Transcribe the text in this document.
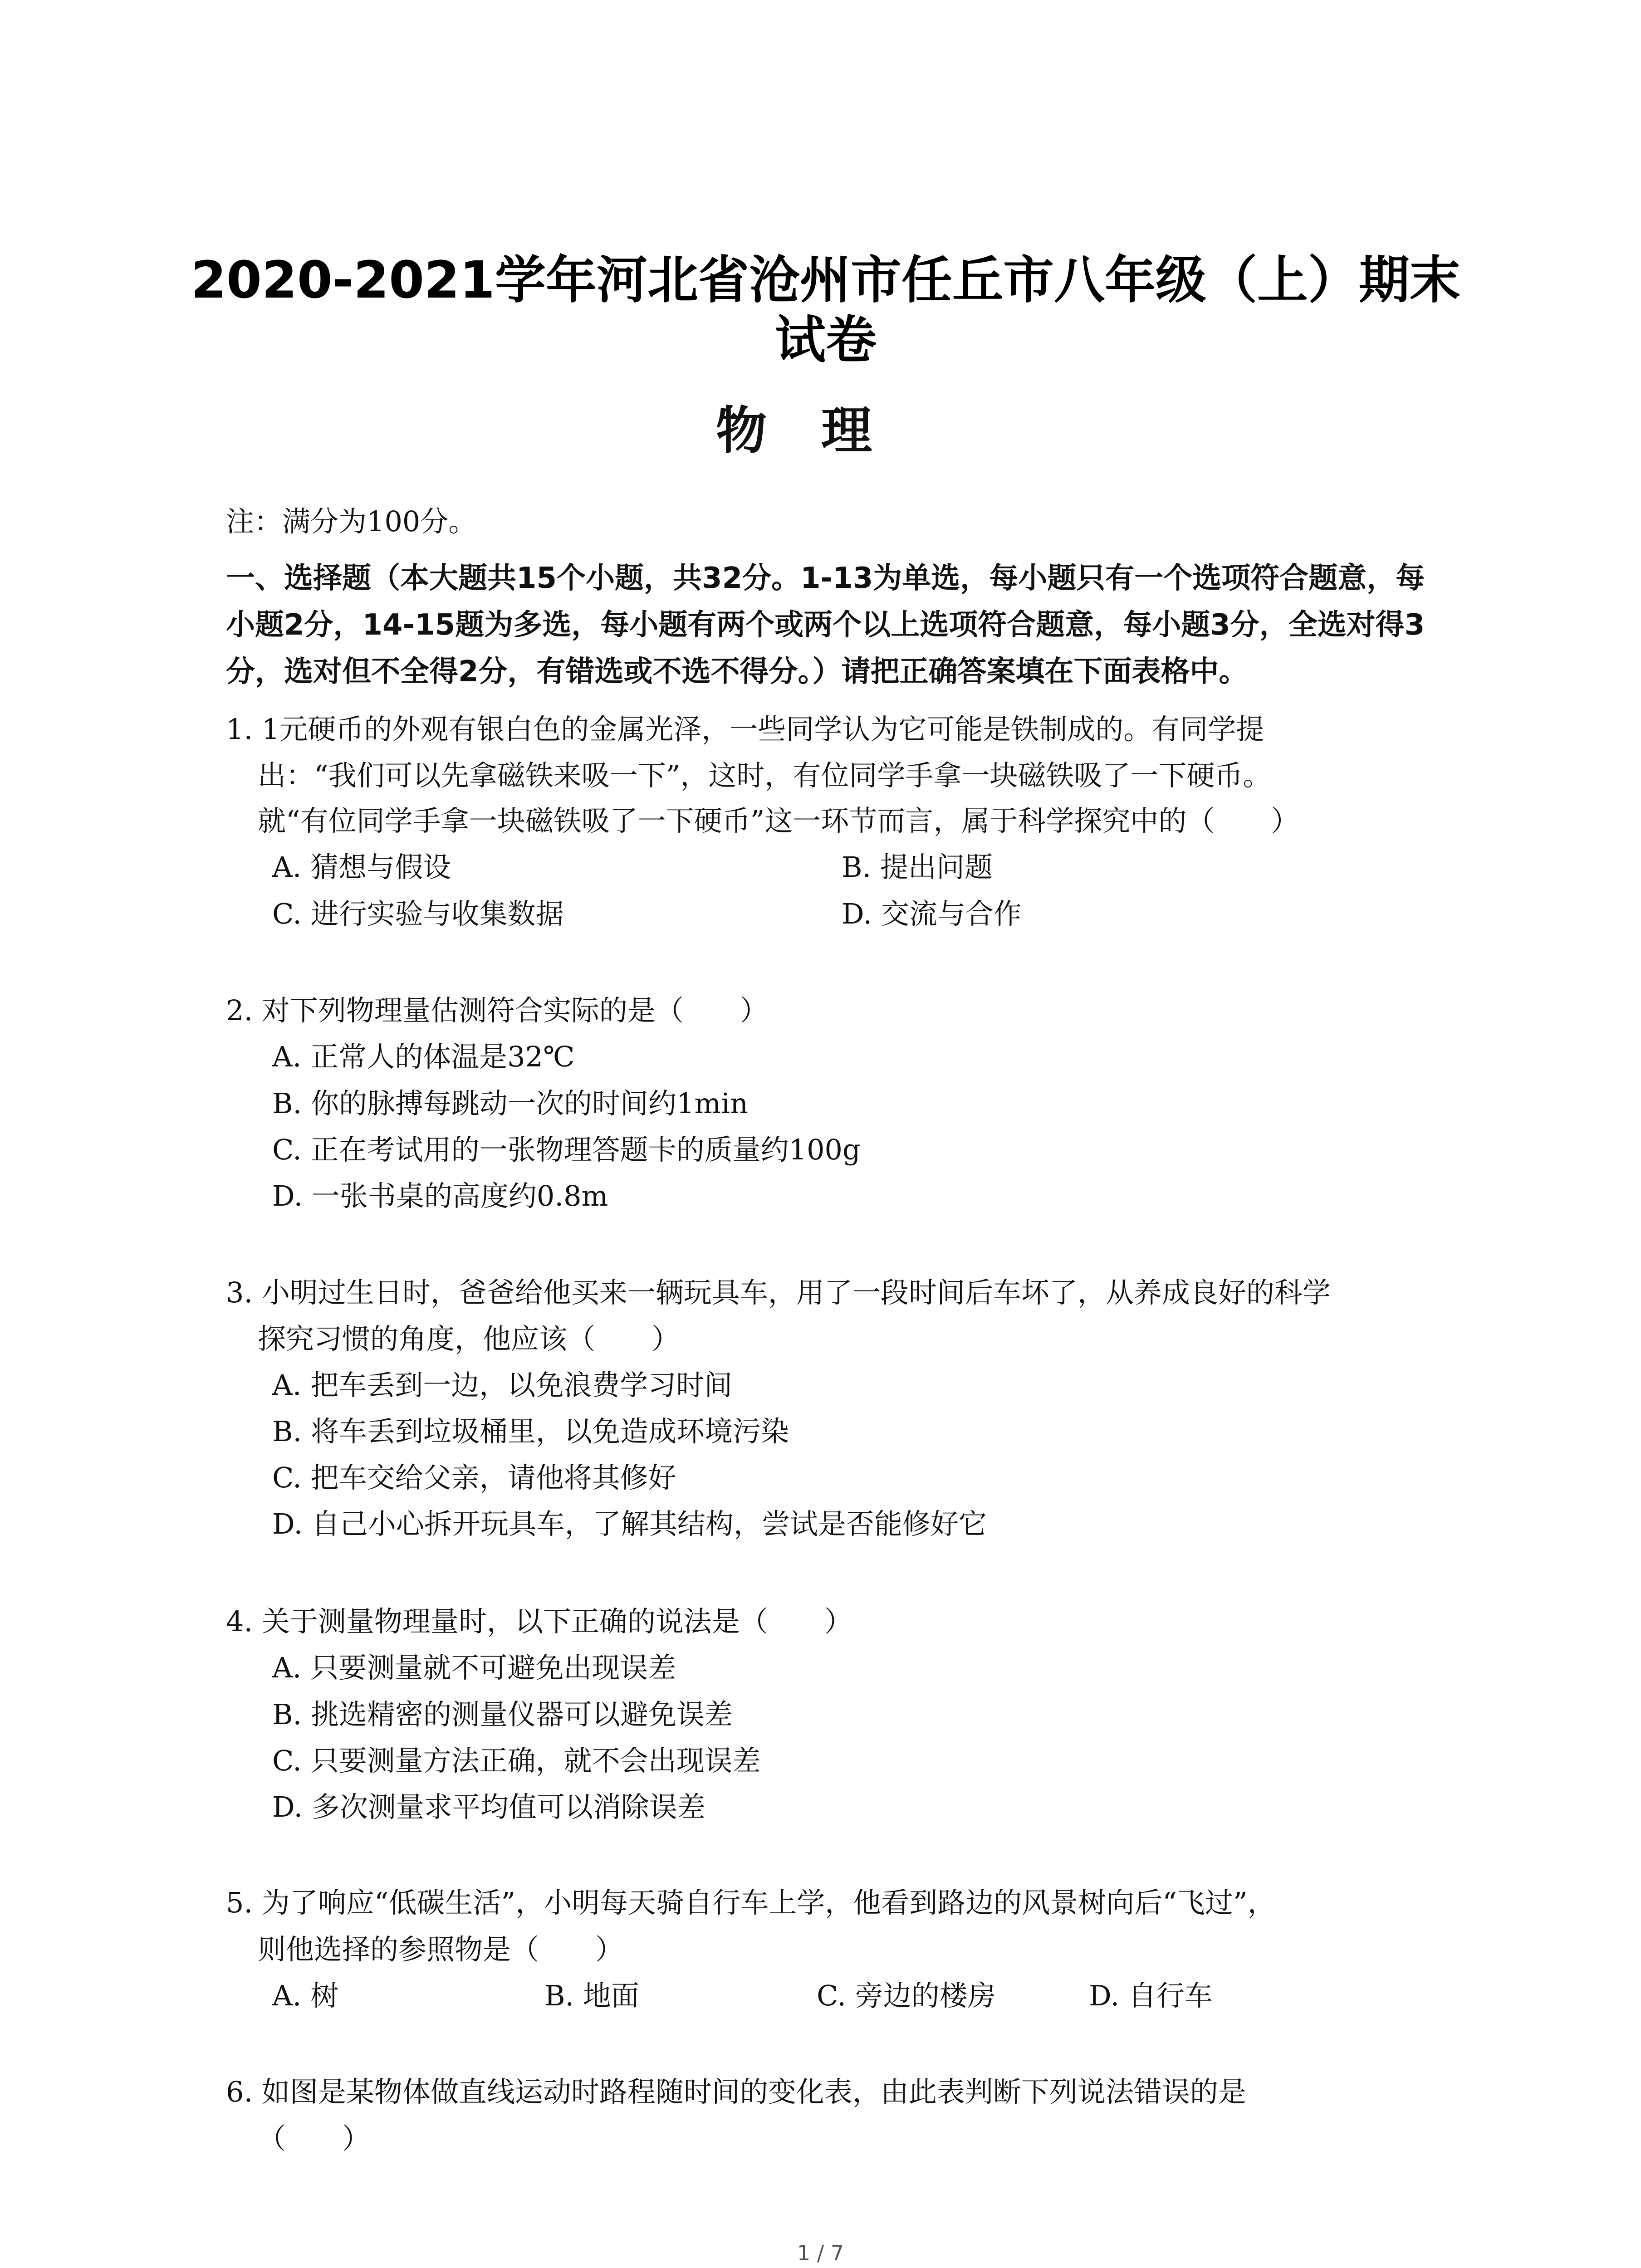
2020-2021学年河北省沧州市任丘市八年级（上）期末
试卷
物理
注：满分为100分。
一、选择题（本大题共15个小题，共32分。1-13为单选，每小题只有一个选项符合题意，每
小题2分，14-15题为多选，每小题有两个或两个以上选项符合题意，每小题3分，全选对得3
分，选对但不全得2分，有错选或不选不得分。）请把正确答案填在下面表格中。
1. 1元硬币的外观有银白色的金属光泽，一些同学认为它可能是铁制成的。有同学提
出：“我们可以先拿磁铁来吸一下”，这时，有位同学手拿一块磁铁吸了一下硬币。
就“有位同学手拿一块磁铁吸了一下硬币”这一环节而言，属于科学探究中的（　　）
A. 猜想与假设	B. 提出问题
C. 进行实验与收集数据	D. 交流与合作
2. 对下列物理量估测符合实际的是（　　）
A. 正常人的体温是32℃
B. 你的脉搏每跳动一次的时间约1min
C. 正在考试用的一张物理答题卡的质量约100g
D. 一张书桌的高度约0.8m
3. 小明过生日时，爸爸给他买来一辆玩具车，用了一段时间后车坏了，从养成良好的科学
探究习惯的角度，他应该（　　）
A. 把车丢到一边，以免浪费学习时间
B. 将车丢到垃圾桶里，以免造成环境污染
C. 把车交给父亲，请他将其修好
D. 自己小心拆开玩具车，了解其结构，尝试是否能修好它
4. 关于测量物理量时，以下正确的说法是（　　）
A. 只要测量就不可避免出现误差
B. 挑选精密的测量仪器可以避免误差
C. 只要测量方法正确，就不会出现误差
D. 多次测量求平均值可以消除误差
5. 为了响应“低碳生活”，小明每天骑自行车上学，他看到路边的风景树向后“飞过”，
则他选择的参照物是（　　）
A. 树	B. 地面	C. 旁边的楼房	D. 自行车
6. 如图是某物体做直线运动时路程随时间的变化表，由此表判断下列说法错误的是
（　　）
1 / 7
